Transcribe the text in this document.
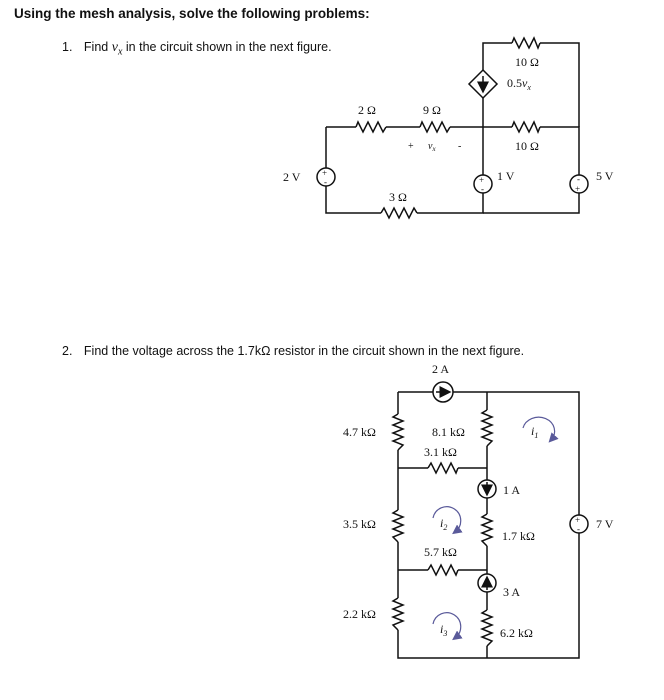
Using the mesh analysis, solve the following problems:
1. Find $v_x$ in the circuit shown in the next figure.
2. Find the voltage across the 1.7kΩ resistor in the circuit shown in the next figure.
+
-	+
-
-
+
2 Ω	9 Ω
3 Ω
10 Ω
10 Ω
$0.5v_x$
2 V	1 V	5 V
+ $v_x$ -
+
-
2 A
4.7 kΩ	8.1 kΩ
3.1 kΩ
3.5 kΩ
1.7 kΩ
5.7 kΩ
2.2 kΩ
6.2 kΩ
1 A
3 A
7 V
$i_1$
$i_2$
$i_3$
